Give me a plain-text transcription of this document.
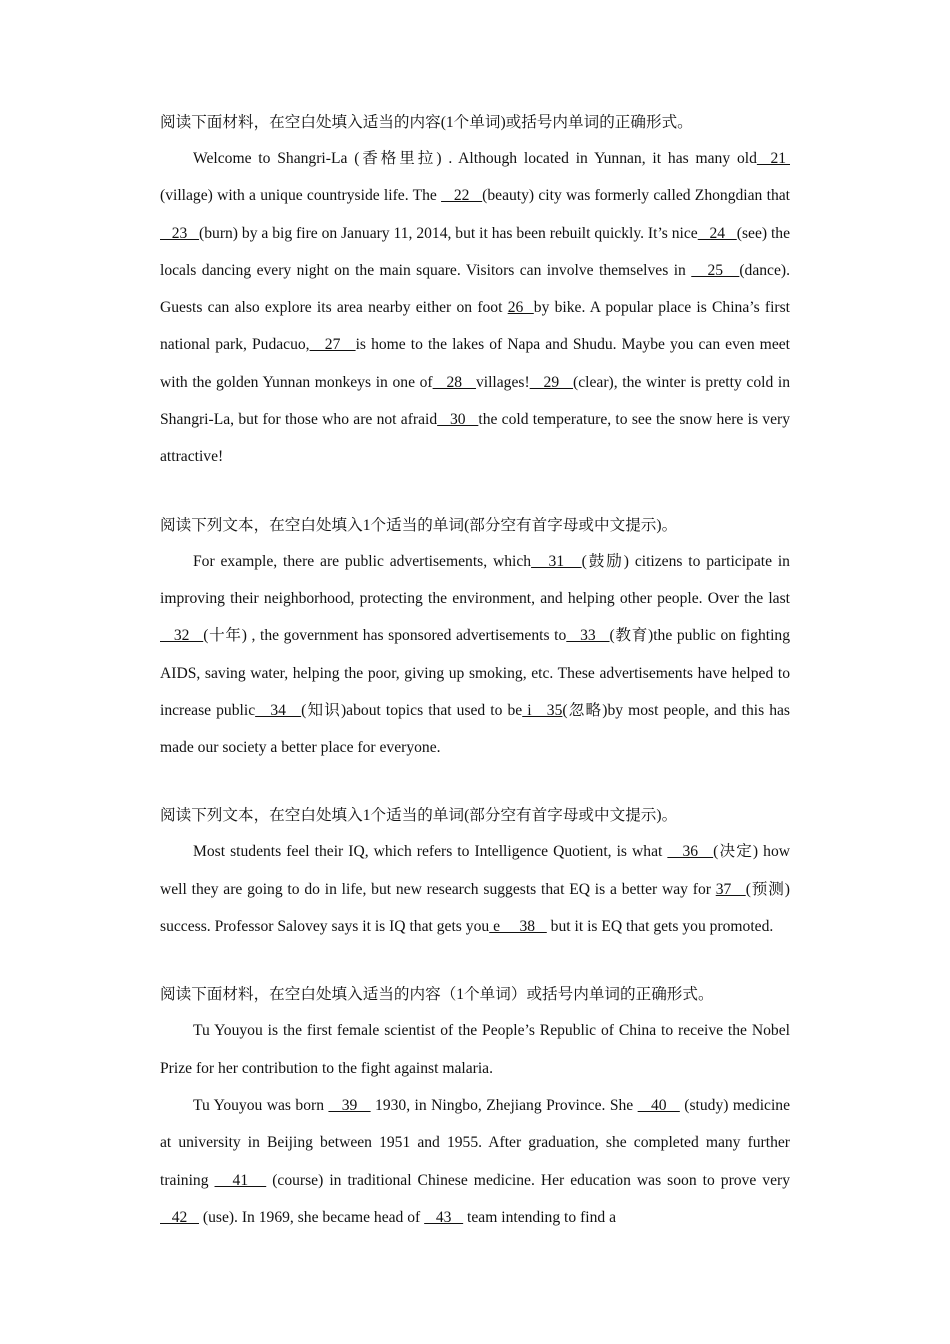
阅读下面材料，在空白处填入适当的内容(1个单词)或括号内单词的正确形式。

Welcome to Shangri-La (香格里拉) . Although located in Yunnan, it has many old  21  (village) with a unique countryside life. The    22   (beauty) city was formerly called Zhongdian that    23   (burn) by a big fire on January 11, 2014, but it has been rebuilt quickly. It’s nice   24   (see) the locals dancing every night on the main square. Visitors can involve themselves in    25   (dance). Guests can also explore its area nearby either on foot 26  by bike. A popular place is China’s first national park, Pudacuo,   27   is home to the lakes of Napa and Shudu. Maybe you can even meet with the golden Yunnan monkeys in one of   28   villages!   29   (clear), the winter is pretty cold in Shangri-La, but for those who are not afraid   30   the cold temperature, to see the snow here is very attractive!

阅读下列文本，在空白处填入1个适当的单词(部分空有首字母或中文提示)。

For example, there are public advertisements, which   31   (鼓励) citizens to participate in improving their neighborhood, protecting the environment, and helping other people. Over the last    32   (十年) , the government has sponsored advertisements to   33   (教育)the public on fighting AIDS, saving water, helping the poor, giving up smoking, etc. These advertisements have helped to increase public   34   (知识)about topics that used to be i   35(忽略)by most people, and this has made our society a better place for everyone.

阅读下列文本，在空白处填入1个适当的单词(部分空有首字母或中文提示)。

Most students feel their IQ, which refers to Intelligence Quotient, is what    36   (决定) how well they are going to do in life, but new research suggests that EQ is a better way for 37   (预测) success. Professor Salovey says it is IQ that gets you e     38    but it is EQ that gets you promoted.

阅读下面材料，在空白处填入适当的内容（1个单词）或括号内单词的正确形式。

Tu Youyou is the first female scientist of the People’s Republic of China to receive the Nobel Prize for her contribution to the fight against malaria.

Tu Youyou was born    39    1930, in Ningbo, Zhejiang Province. She    40    (study) medicine at university in Beijing between 1951 and 1955. After graduation, she completed many further training    41    (course) in traditional Chinese medicine. Her education was soon to prove very    42    (use). In 1969, she became head of    43    team intending to find a
